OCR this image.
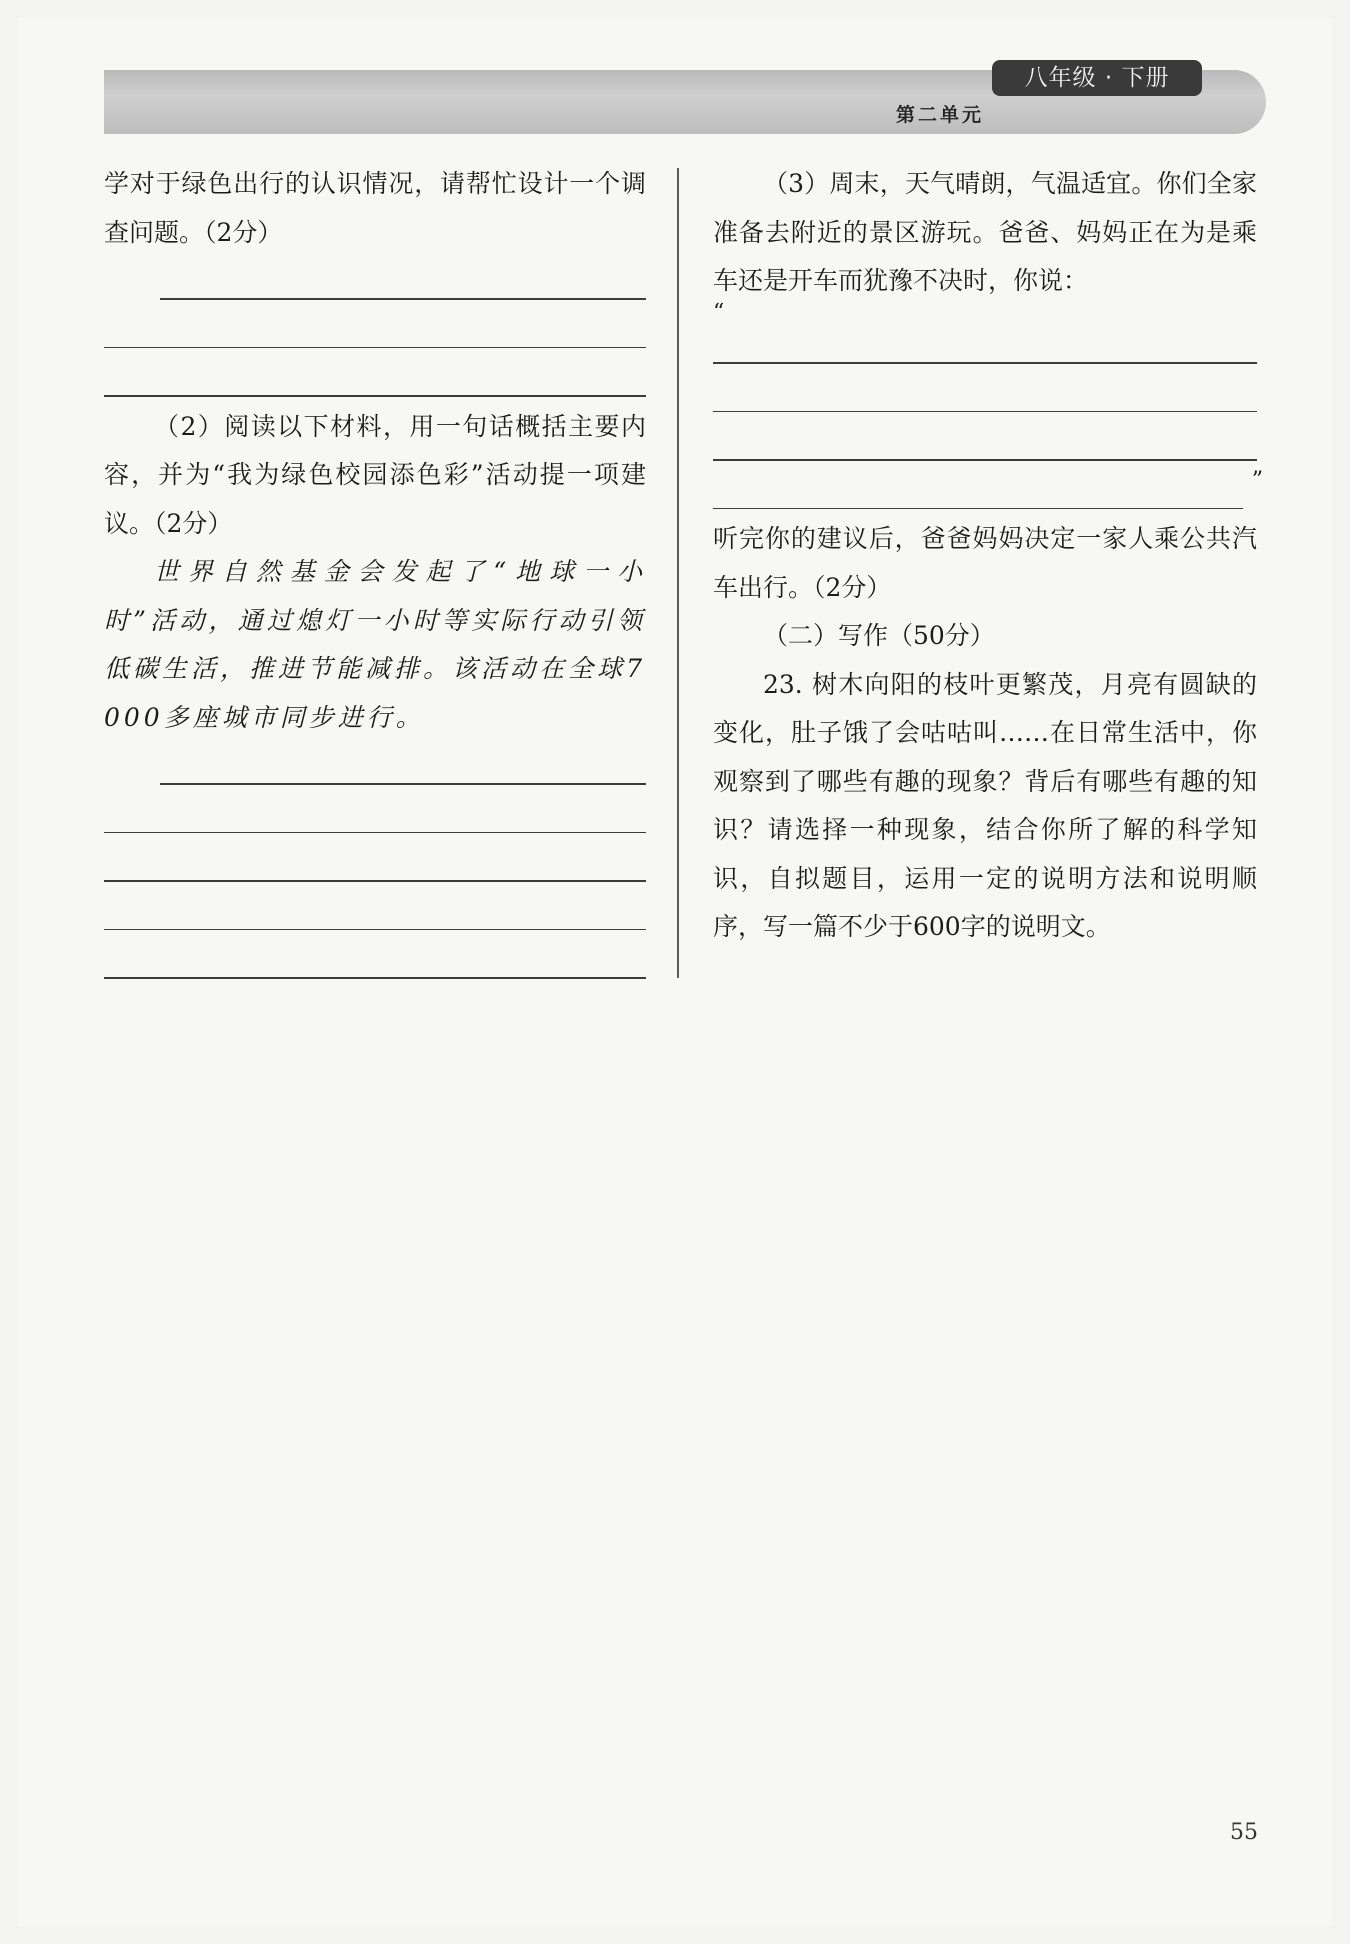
八年级 · 下册
第二单元

学对于绿色出行的认识情况，请帮忙设计一个调查问题。（2分）

（2）阅读以下材料，用一句话概括主要内容，并为“我为绿色校园添色彩”活动提一项建议。（2分）

世界自然基金会发起了“地球一小时”活动，通过熄灯一小时等实际行动引领低碳生活，推进节能减排。该活动在全球7 000多座城市同步进行。

（3）周末，天气晴朗，气温适宜。你们全家准备去附近的景区游玩。爸爸、妈妈正在为是乘车还是开车而犹豫不决时，你说：

“
”

听完你的建议后，爸爸妈妈决定一家人乘公共汽车出行。（2分）

（二）写作（50分）

23. 树木向阳的枝叶更繁茂，月亮有圆缺的变化，肚子饿了会咕咕叫……在日常生活中，你观察到了哪些有趣的现象？背后有哪些有趣的知识？请选择一种现象，结合你所了解的科学知识，自拟题目，运用一定的说明方法和说明顺序，写一篇不少于600字的说明文。

55
